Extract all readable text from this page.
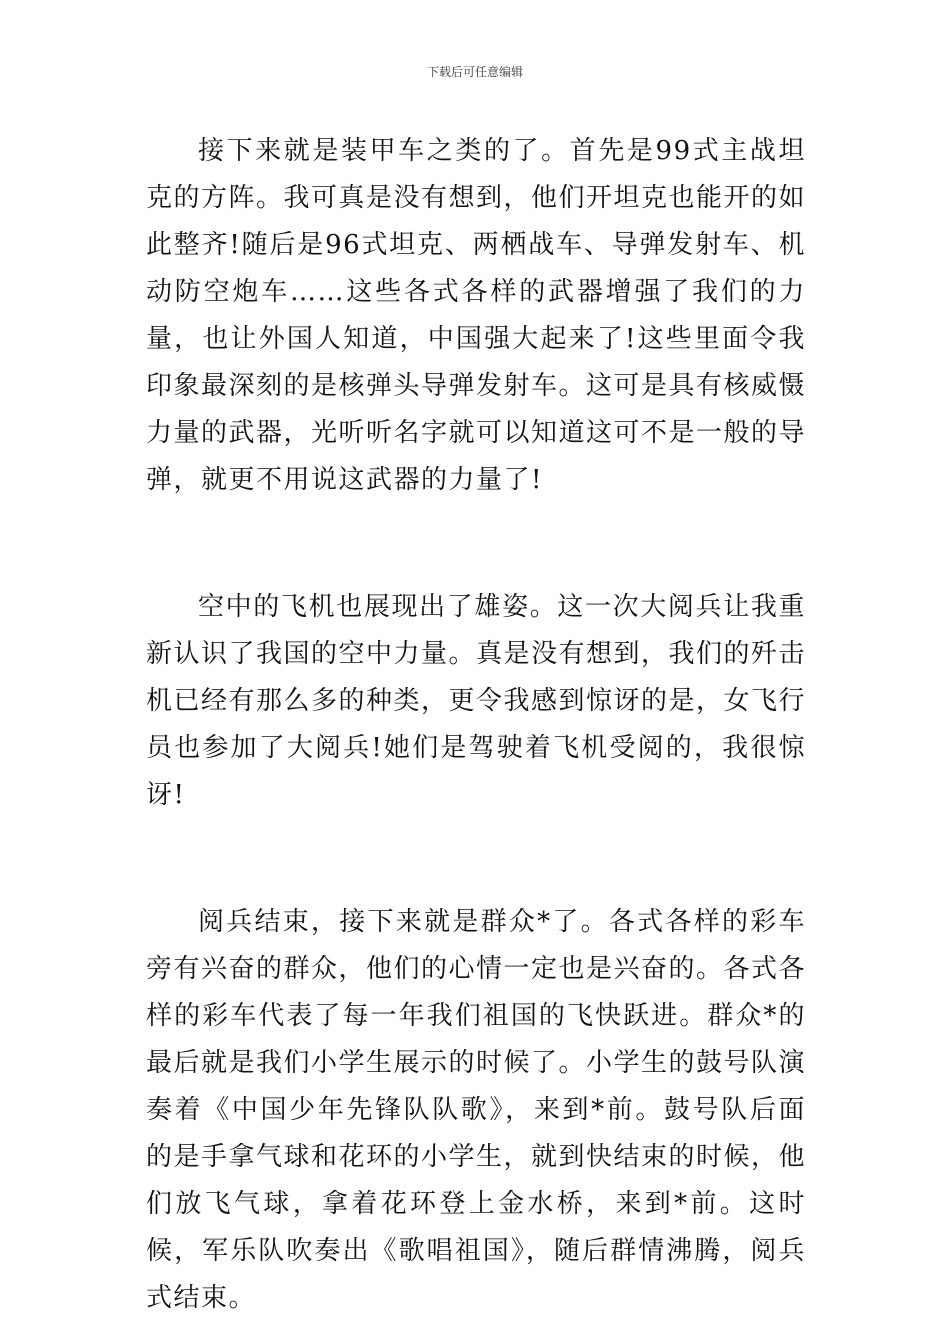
下载后可任意编辑

接下来就是装甲车之类的了。首先是99式主战坦克的方阵。我可真是没有想到，他们开坦克也能开的如此整齐!随后是96式坦克、两栖战车、导弹发射车、机动防空炮车……这些各式各样的武器增强了我们的力量，也让外国人知道，中国强大起来了!这些里面令我印象最深刻的是核弹头导弹发射车。这可是具有核威慑力量的武器，光听听名字就可以知道这可不是一般的导弹，就更不用说这武器的力量了!

空中的飞机也展现出了雄姿。这一次大阅兵让我重新认识了我国的空中力量。真是没有想到，我们的歼击机已经有那么多的种类，更令我感到惊讶的是，女飞行员也参加了大阅兵!她们是驾驶着飞机受阅的，我很惊讶!

阅兵结束，接下来就是群众*了。各式各样的彩车旁有兴奋的群众，他们的心情一定也是兴奋的。各式各样的彩车代表了每一年我们祖国的飞快跃进。群众*的最后就是我们小学生展示的时候了。小学生的鼓号队演奏着《中国少年先锋队队歌》，来到*前。鼓号队后面的是手拿气球和花环的小学生，就到快结束的时候，他们放飞气球，拿着花环登上金水桥，来到*前。这时候，军乐队吹奏出《歌唱祖国》，随后群情沸腾，阅兵式结束。
